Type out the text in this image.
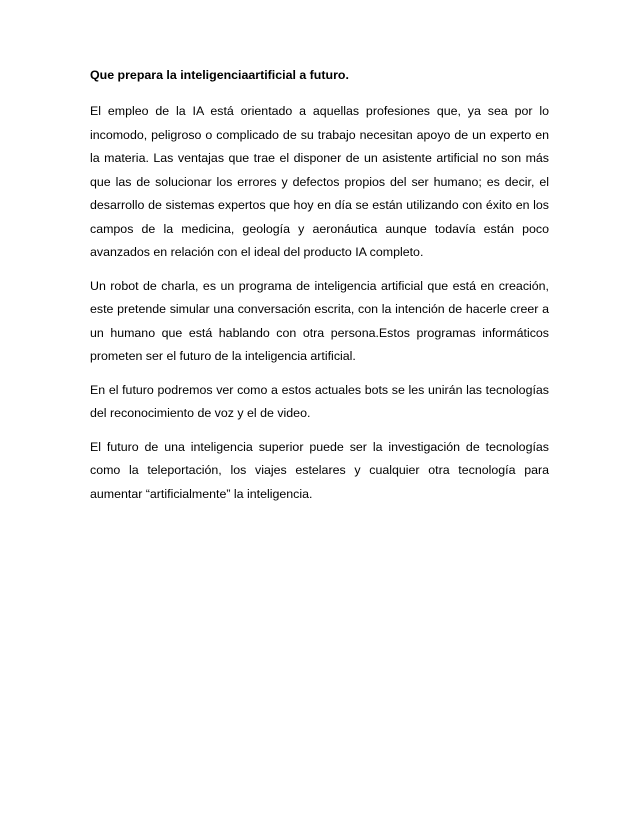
Que prepara la inteligenciaartificial a futuro.

El empleo de la IA está orientado a aquellas profesiones que, ya sea por lo incomodo, peligroso o complicado de su trabajo necesitan apoyo de un experto en la materia. Las ventajas que trae el disponer de un asistente artificial no son más que las de solucionar los errores y defectos propios del ser humano; es decir, el desarrollo de sistemas expertos que hoy en día se están utilizando con éxito en los campos de la medicina, geología y aeronáutica aunque todavía están poco avanzados en relación con el ideal del producto IA completo.

Un robot de charla, es un programa de inteligencia artificial que está en creación, este pretende simular una conversación escrita, con la intención de hacerle creer a un humano que está hablando con otra persona.Estos programas informáticos prometen ser el futuro de la inteligencia artificial.

En el futuro podremos ver como a estos actuales bots se les unirán las tecnologías del reconocimiento de voz y el de video.

El futuro de una inteligencia superior puede ser la investigación de tecnologías como la teleportación, los viajes estelares y cualquier otra tecnología para aumentar “artificialmente” la inteligencia.
